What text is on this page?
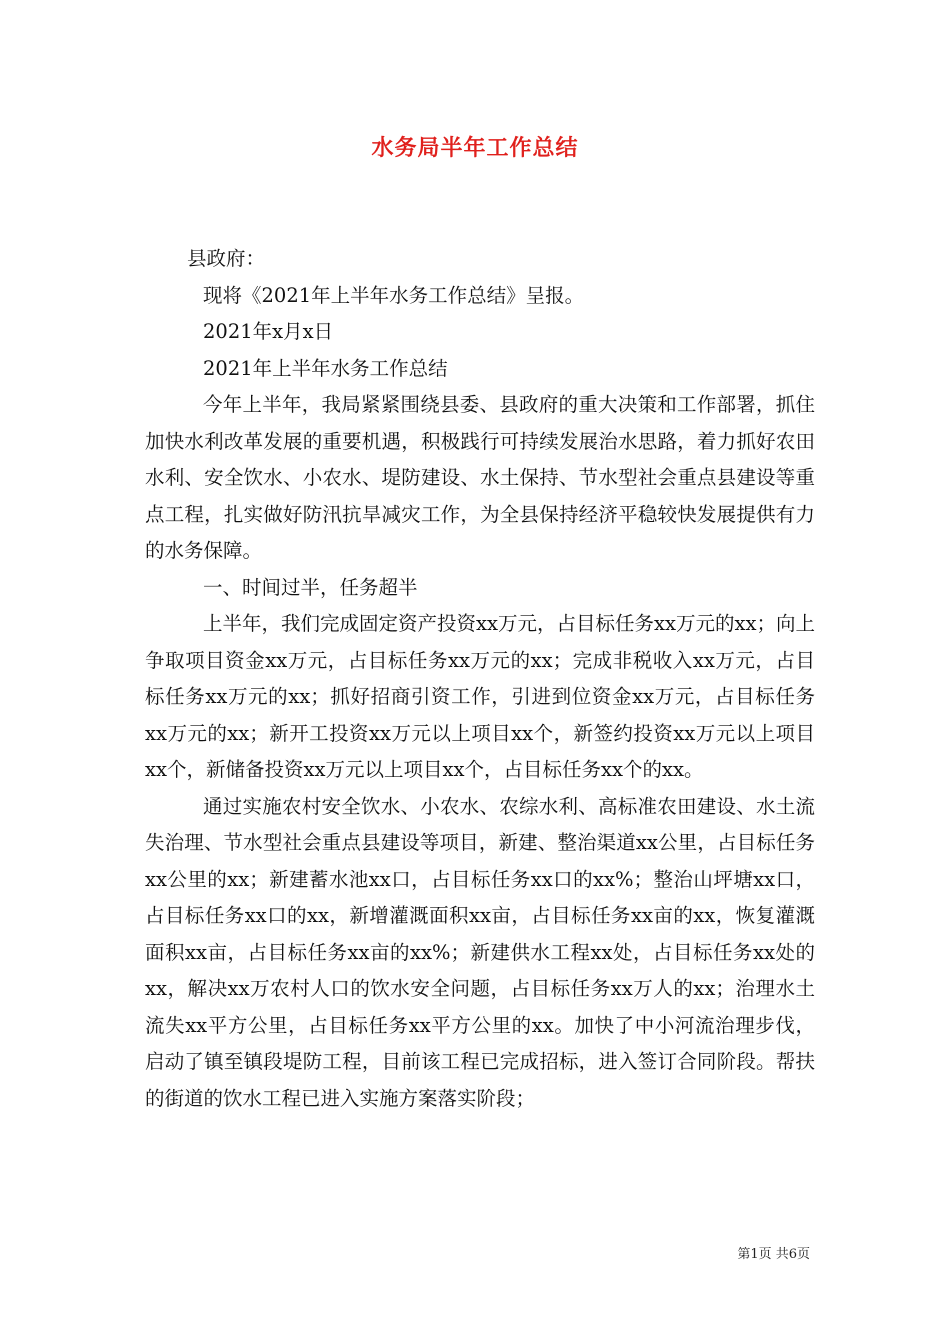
水务局半年工作总结

县政府：

现将《2021年上半年水务工作总结》呈报。

2021年x月x日

2021年上半年水务工作总结

今年上半年，我局紧紧围绕县委、县政府的重大决策和工作部署，抓住加快水利改革发展的重要机遇，积极践行可持续发展治水思路，着力抓好农田水利、安全饮水、小农水、堤防建设、水土保持、节水型社会重点县建设等重点工程，扎实做好防汛抗旱减灾工作，为全县保持经济平稳较快发展提供有力的水务保障。

一、时间过半，任务超半

上半年，我们完成固定资产投资xx万元，占目标任务xx万元的xx；向上争取项目资金xx万元，占目标任务xx万元的xx；完成非税收入xx万元，占目标任务xx万元的xx；抓好招商引资工作，引进到位资金xx万元，占目标任务xx万元的xx；新开工投资xx万元以上项目xx个，新签约投资xx万元以上项目xx个，新储备投资xx万元以上项目xx个，占目标任务xx个的xx。

通过实施农村安全饮水、小农水、农综水利、高标准农田建设、水土流失治理、节水型社会重点县建设等项目，新建、整治渠道xx公里，占目标任务xx公里的xx；新建蓄水池xx口，占目标任务xx口的xx%；整治山坪塘xx口，占目标任务xx口的xx，新增灌溉面积xx亩，占目标任务xx亩的xx，恢复灌溉面积xx亩，占目标任务xx亩的xx%；新建供水工程xx处，占目标任务xx处的xx，解决xx万农村人口的饮水安全问题，占目标任务xx万人的xx；治理水土流失xx平方公里，占目标任务xx平方公里的xx。加快了中小河流治理步伐，启动了镇至镇段堤防工程，目前该工程已完成招标，进入签订合同阶段。帮扶的街道的饮水工程已进入实施方案落实阶段；

第1页 共6页
